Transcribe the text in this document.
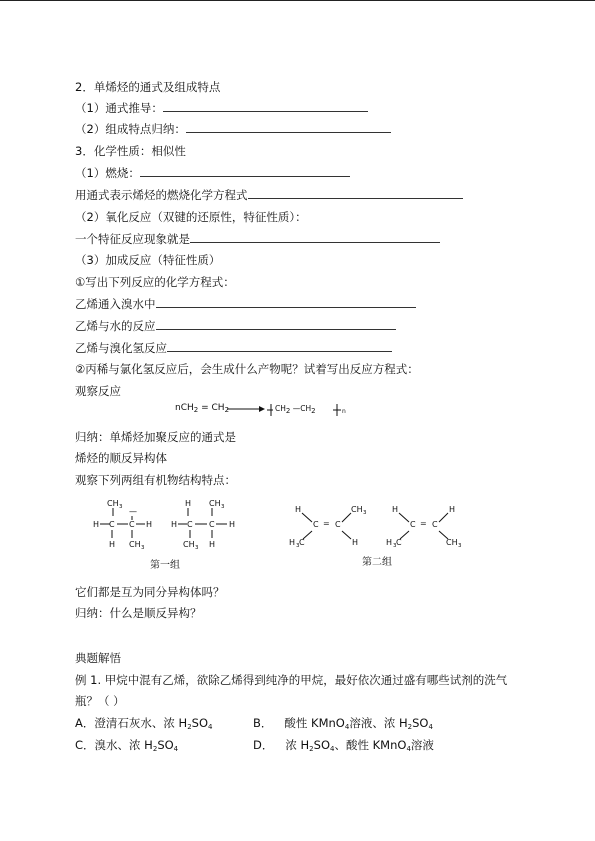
2．单烯烃的通式及组成特点
（1）通式推导：
（2）组成特点归纳：
3．化学性质：相似性
（1）燃烧：
用通式表示烯烃的燃烧化学方程式
（2）氧化反应（双键的还原性，特征性质）：
一个特征反应现象就是
（3）加成反应（特征性质）
①写出下列反应的化学方程式：
乙烯通入溴水中
乙烯与水的反应
乙烯与溴化氢反应
②丙稀与氯化氢反应后，会生成什么产物呢？试着写出反应方程式：
观察反应
$nCH_2 = CH_2$	$CH_2$ $—CH_2$	n
归纳：单烯烃加聚反应的通式是
烯烃的顺反异构体
观察下列两组有机物结构特点：
CH 3
H C C H
H
—
CH 3
H CH 3
H C C H
CH 3 H
第一组
H
C = C
CH 3
H 3 C	H
H
C = C
H
H 3 C	CH 3
第二组
它们都是互为同分异构体吗？
归纳：什么是顺反异构？
典题解悟
例 1. 甲烷中混有乙烯，欲除乙烯得到纯净的甲烷，最好依次通过盛有哪些试剂的洗气
瓶？（ ）
A．澄清石灰水、浓 $H_2SO_4$	B． 酸性 KMnO$_4$溶液、浓 $H_2SO_4$
C．溴水、浓 $H_2SO_4$	D． 浓 $H_2SO_4$、酸性 KMnO$_4$溶液
